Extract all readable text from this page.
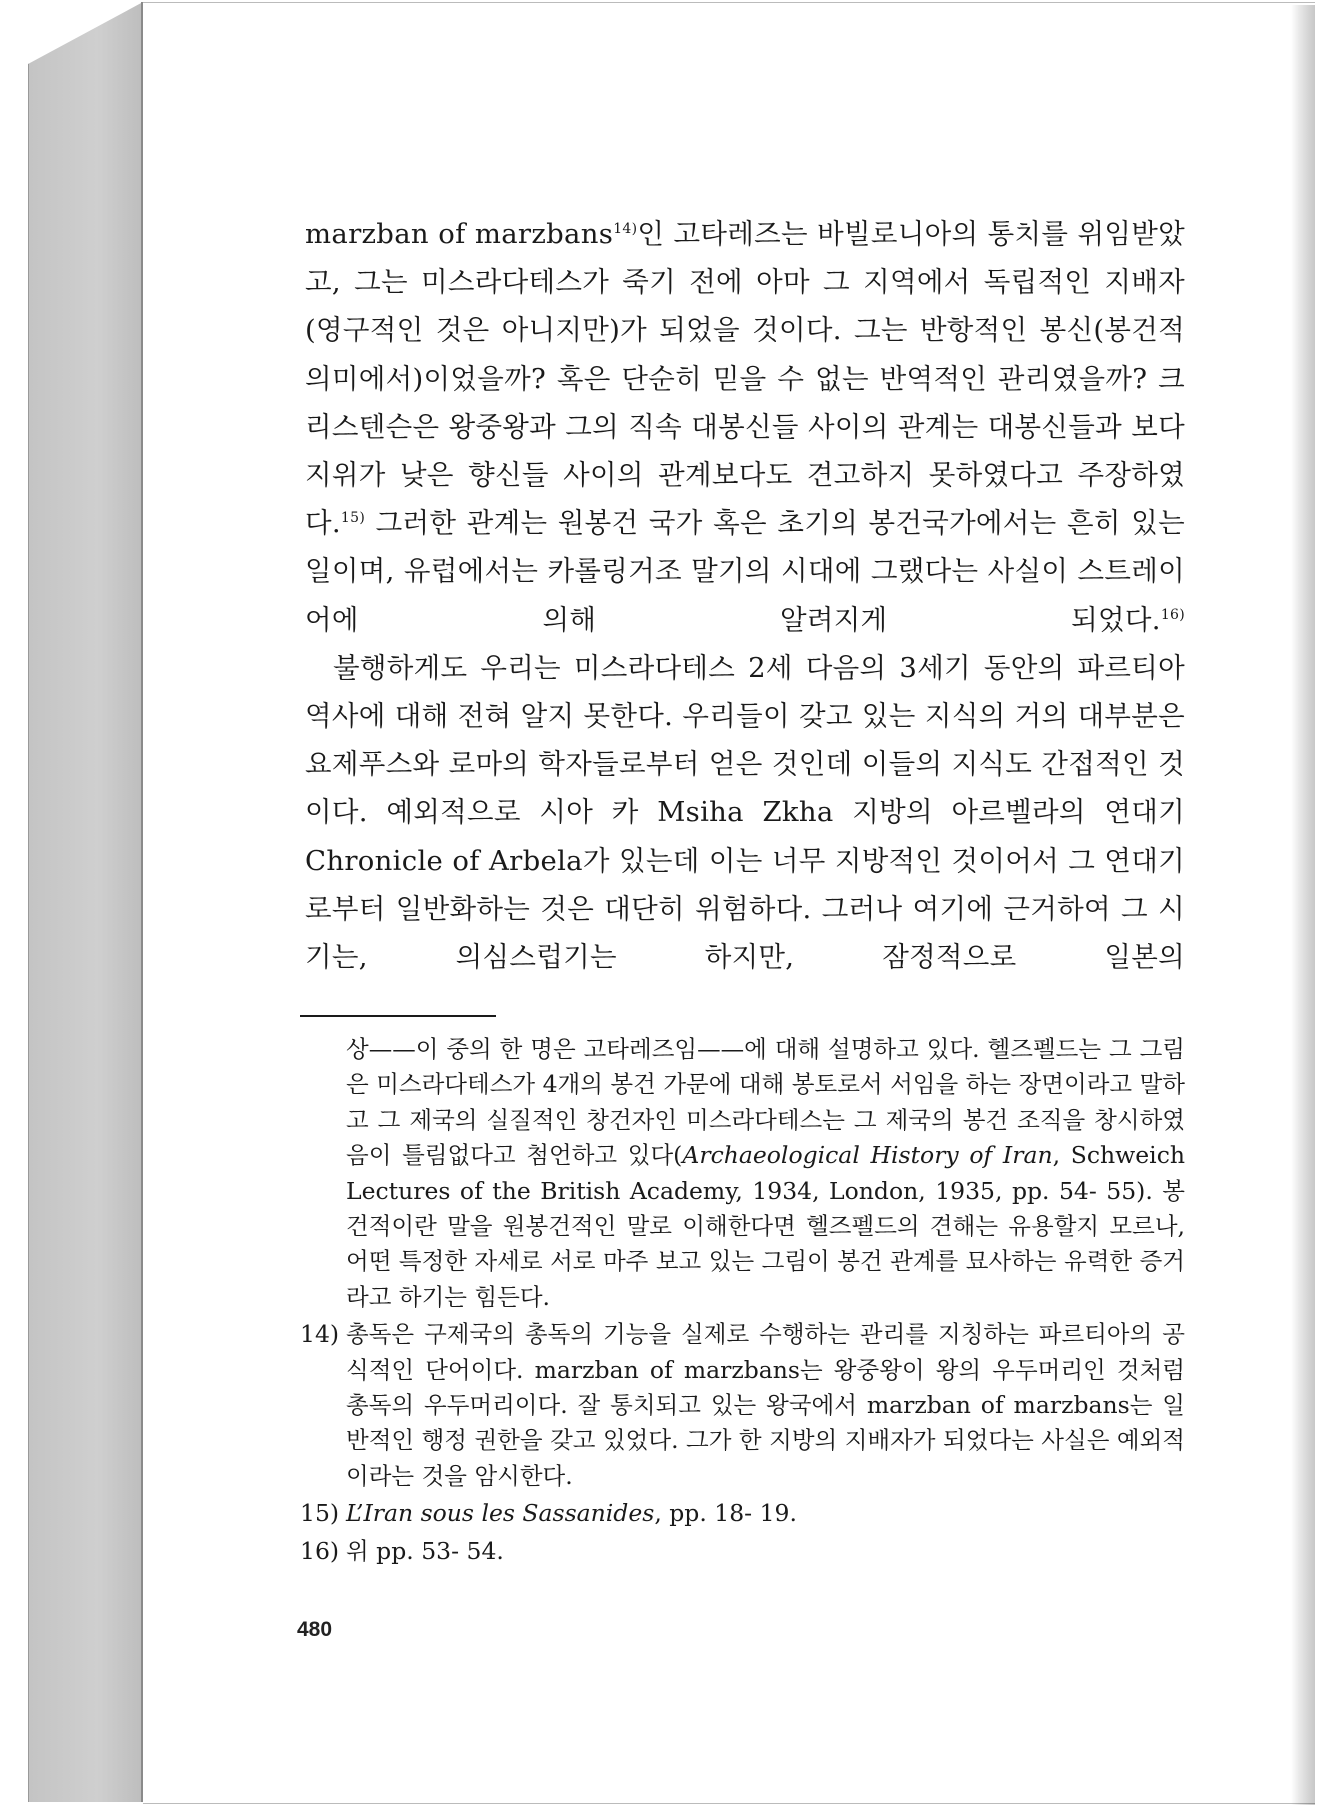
marzban of marzbans$^{14)}$인 고타레즈는 바빌로니아의 통치를 위임받았고, 그는 미스라다테스가 죽기 전에 아마 그 지역에서 독립적인 지배자(영구적인 것은 아니지만)가 되었을 것이다. 그는 반항적인 봉신(봉건적 의미에서)이었을까? 혹은 단순히 믿을 수 없는 반역적인 관리였을까? 크리스텐슨은 왕중왕과 그의 직속 대봉신들 사이의 관계는 대봉신들과 보다 지위가 낮은 향신들 사이의 관계보다도 견고하지 못하였다고 주장하였다.$^{15)}$ 그러한 관계는 원봉건 국가 혹은 초기의 봉건국가에서는 흔히 있는 일이며, 유럽에서는 카롤링거조 말기의 시대에 그랬다는 사실이 스트레이어에 의해 알려지게 되었다.$^{16)}$

불행하게도 우리는 미스라다테스 2세 다음의 3세기 동안의 파르티아 역사에 대해 전혀 알지 못한다. 우리들이 갖고 있는 지식의 거의 대부분은 요제푸스와 로마의 학자들로부터 얻은 것인데 이들의 지식도 간접적인 것이다. 예외적으로 시아 카 Msiha Zkha 지방의 아르벨라의 연대기 Chronicle of Arbela가 있는데 이는 너무 지방적인 것이어서 그 연대기로부터 일반화하는 것은 대단히 위험하다. 그러나 여기에 근거하여 그 시기는, 의심스럽기는 하지만, 잠정적으로 일본의

상——이 중의 한 명은 고타레즈임——에 대해 설명하고 있다. 헬즈펠드는 그 그림은 미스라다테스가 4개의 봉건 가문에 대해 봉토로서 서임을 하는 장면이라고 말하고 그 제국의 실질적인 창건자인 미스라다테스는 그 제국의 봉건 조직을 창시하였음이 틀림없다고 첨언하고 있다(Archaeological History of Iran, Schweich Lectures of the British Academy, 1934, London, 1935, pp. 54- 55). 봉건적이란 말을 원봉건적인 말로 이해한다면 헬즈펠드의 견해는 유용할지 모르나, 어떤 특정한 자세로 서로 마주 보고 있는 그림이 봉건 관계를 묘사하는 유력한 증거라고 하기는 힘든다.

14) 총독은 구제국의 총독의 기능을 실제로 수행하는 관리를 지칭하는 파르티아의 공식적인 단어이다. marzban of marzbans는 왕중왕이 왕의 우두머리인 것처럼 총독의 우두머리이다. 잘 통치되고 있는 왕국에서 marzban of marzbans는 일반적인 행정 권한을 갖고 있었다. 그가 한 지방의 지배자가 되었다는 사실은 예외적이라는 것을 암시한다.
15) L’Iran sous les Sassanides, pp. 18- 19.
16) 위 pp. 53- 54.
480
